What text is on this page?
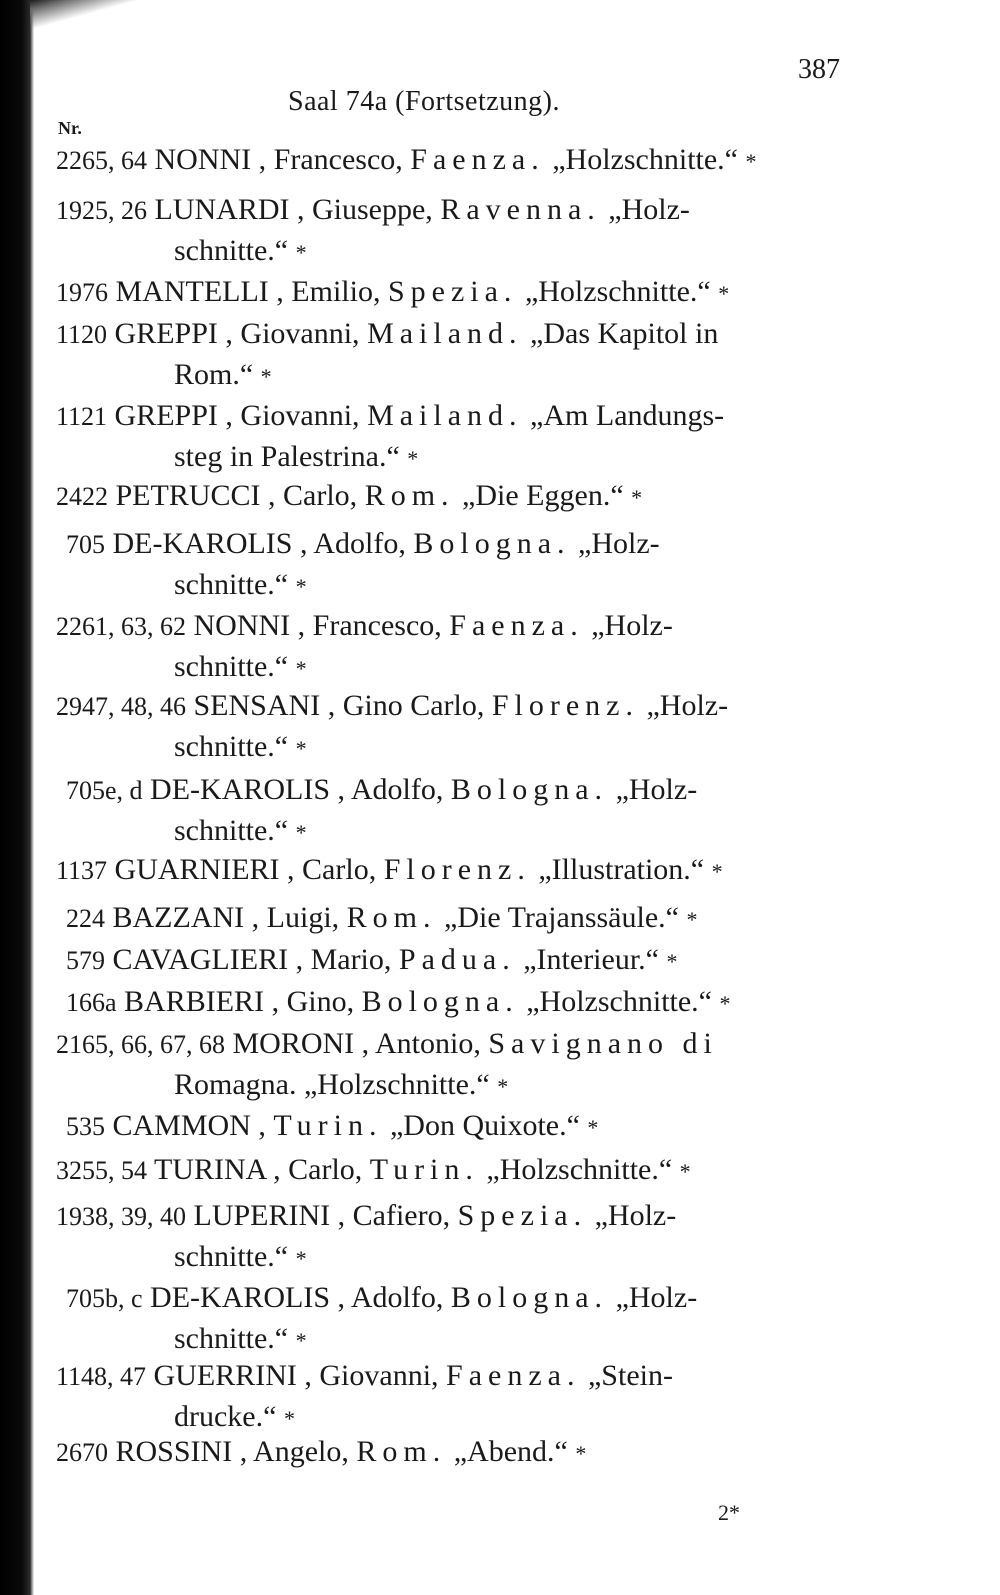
387
Saal 74a (Fortsetzung).
Nr.
2265, 64 NONNI , Francesco, Faenza. „Holzschnitte.“ *
1925, 26 LUNARDI , Giuseppe, Ravenna. „Holz-
schnitte.“ *
1976 MANTELLI , Emilio, Spezia. „Holzschnitte.“ *
1120 GREPPI , Giovanni, Mailand. „Das Kapitol in
Rom.“ *
1121 GREPPI , Giovanni, Mailand. „Am Landungs-
steg in Palestrina.“ *
2422 PETRUCCI , Carlo, Rom. „Die Eggen.“ *
705 DE-KAROLIS , Adolfo, Bologna. „Holz-
schnitte.“ *
2261, 63, 62 NONNI , Francesco, Faenza. „Holz-
schnitte.“ *
2947, 48, 46 SENSANI , Gino Carlo, Florenz. „Holz-
schnitte.“ *
705e, d DE-KAROLIS , Adolfo, Bologna. „Holz-
schnitte.“ *
1137 GUARNIERI , Carlo, Florenz. „Illustration.“ *
224 BAZZANI , Luigi, Rom. „Die Trajanssäule.“ *
579 CAVAGLIERI , Mario, Padua. „Interieur.“ *
166a BARBIERI , Gino, Bologna. „Holzschnitte.“ *
2165, 66, 67, 68 MORONI , Antonio, Savignano di
Romagna. „Holzschnitte.“ *
535 CAMMON , Turin. „Don Quixote.“ *
3255, 54 TURINA , Carlo, Turin. „Holzschnitte.“ *
1938, 39, 40 LUPERINI , Cafiero, Spezia. „Holz-
schnitte.“ *
705b, c DE-KAROLIS , Adolfo, Bologna. „Holz-
schnitte.“ *
1148, 47 GUERRINI , Giovanni, Faenza. „Stein-
drucke.“ *
2670 ROSSINI , Angelo, Rom. „Abend.“ *
2*
